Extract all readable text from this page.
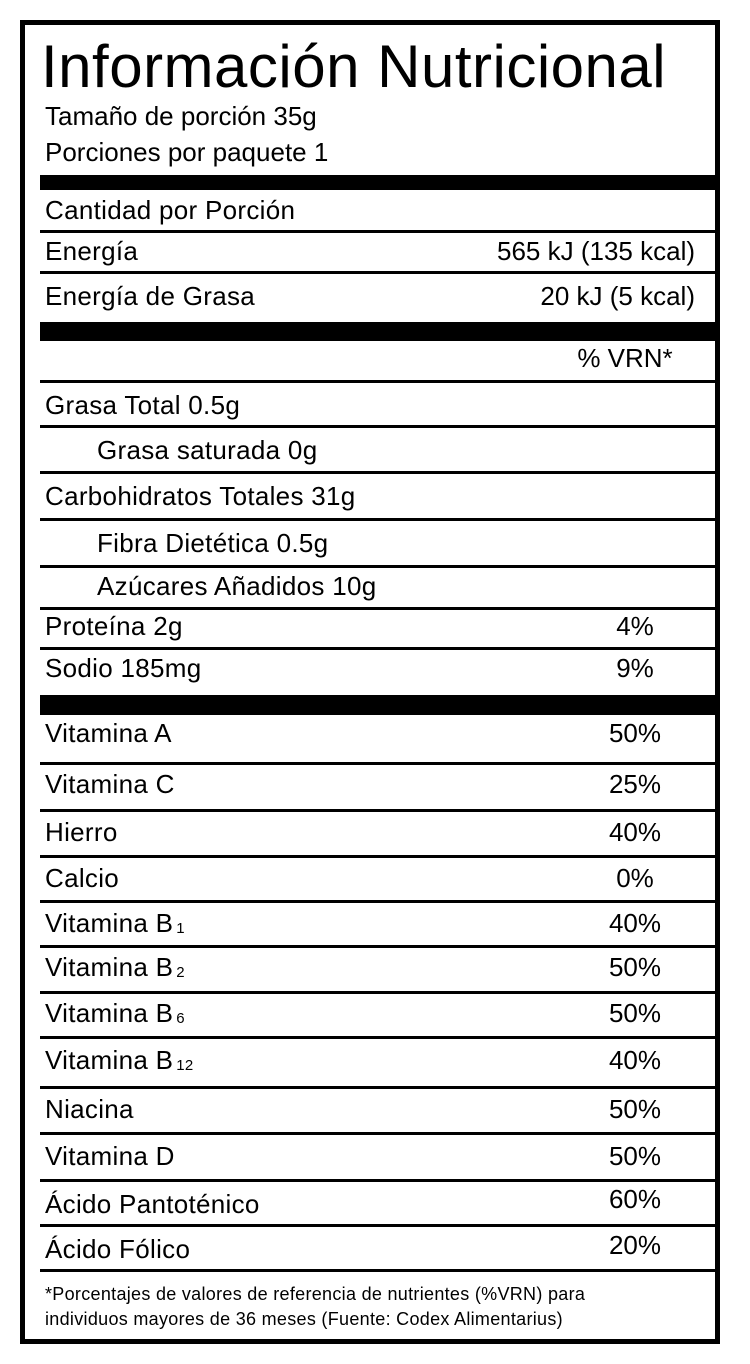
Información Nutricional
Tamaño de porción 35g
Porciones por paquete 1
Cantidad por Porción
Energía	565 kJ (135 kcal)
Energía de Grasa	20 kJ (5 kcal)
% VRN*
Grasa Total 0.5g
Grasa saturada 0g
Carbohidratos Totales 31g
Fibra Dietética 0.5g
Azúcares Añadidos 10g
Proteína 2g	4%
Sodio 185mg	9%
Vitamina A	50%
Vitamina C	25%
Hierro	40%
Calcio	0%
Vitamina B 1	40%
Vitamina B 2	50%
Vitamina B 6	50%
Vitamina B 12	40%
Niacina	50%
Vitamina D	50%
Ácido Pantoténico	60%
Ácido Fólico	20%
*Porcentajes de valores de referencia de nutrientes (%VRN) para
individuos mayores de 36 meses (Fuente: Codex Alimentarius)
